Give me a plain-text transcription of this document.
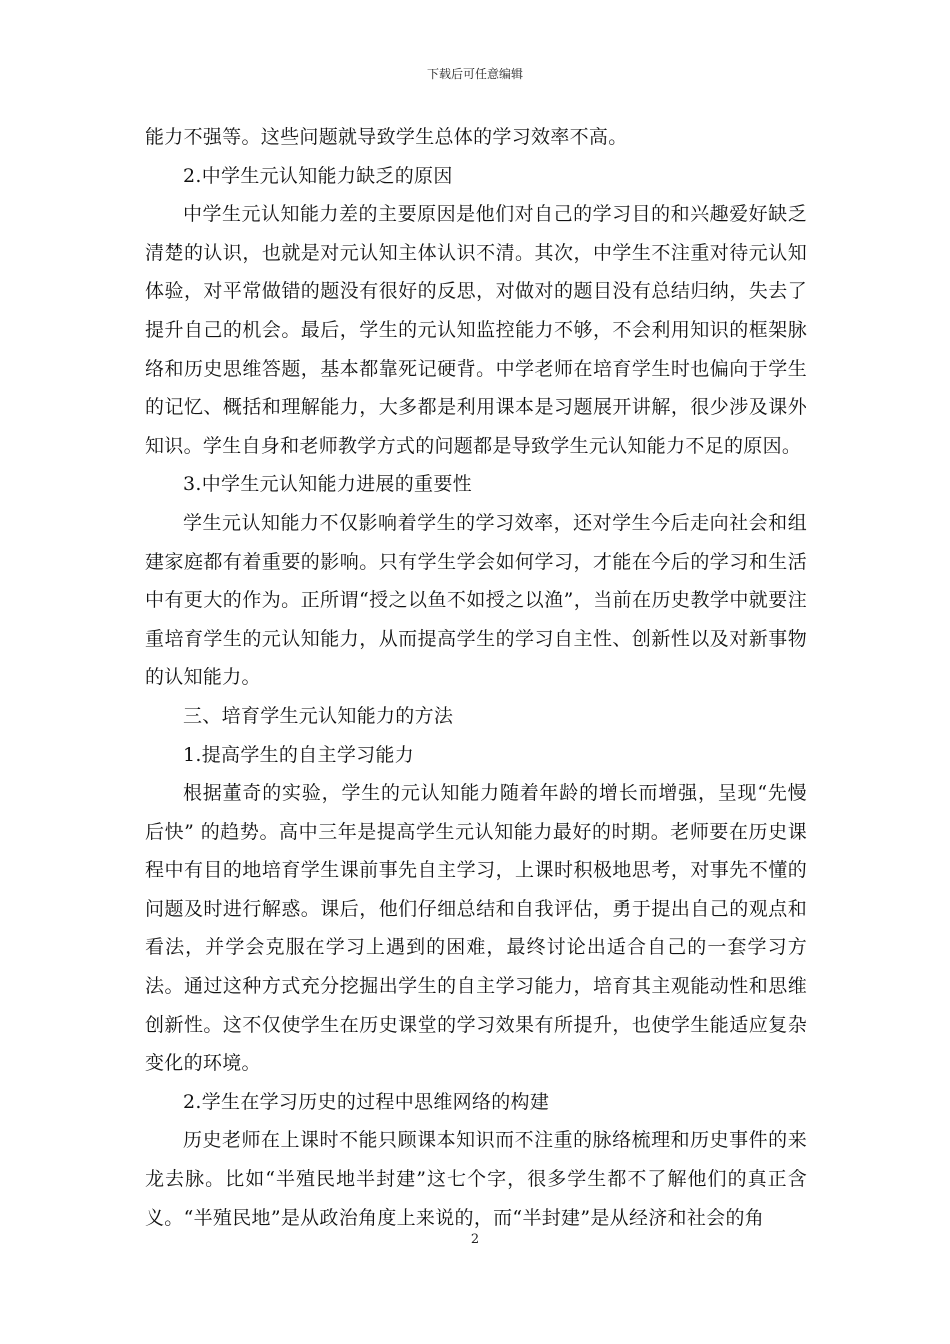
下载后可任意编辑

能力不强等。这些问题就导致学生总体的学习效率不高。

2.中学生元认知能力缺乏的原因

中学生元认知能力差的主要原因是他们对自己的学习目的和兴趣爱好缺乏清楚的认识，也就是对元认知主体认识不清。其次，中学生不注重对待元认知体验，对平常做错的题没有很好的反思，对做对的题目没有总结归纳，失去了提升自己的机会。最后，学生的元认知监控能力不够，不会利用知识的框架脉络和历史思维答题，基本都靠死记硬背。中学老师在培育学生时也偏向于学生的记忆、概括和理解能力，大多都是利用课本是习题展开讲解，很少涉及课外知识。学生自身和老师教学方式的问题都是导致学生元认知能力不足的原因。

3.中学生元认知能力进展的重要性

学生元认知能力不仅影响着学生的学习效率，还对学生今后走向社会和组建家庭都有着重要的影响。只有学生学会如何学习，才能在今后的学习和生活中有更大的作为。正所谓“授之以鱼不如授之以渔”，当前在历史教学中就要注重培育学生的元认知能力，从而提高学生的学习自主性、创新性以及对新事物的认知能力。

三、培育学生元认知能力的方法

1.提高学生的自主学习能力

根据董奇的实验，学生的元认知能力随着年龄的增长而增强，呈现“先慢后快” 的趋势。高中三年是提高学生元认知能力最好的时期。老师要在历史课程中有目的地培育学生课前事先自主学习，上课时积极地思考，对事先不懂的问题及时进行解惑。课后，他们仔细总结和自我评估，勇于提出自己的观点和看法，并学会克服在学习上遇到的困难，最终讨论出适合自己的一套学习方法。通过这种方式充分挖掘出学生的自主学习能力，培育其主观能动性和思维创新性。这不仅使学生在历史课堂的学习效果有所提升，也使学生能适应复杂变化的环境。

2.学生在学习历史的过程中思维网络的构建

历史老师在上课时不能只顾课本知识而不注重的脉络梳理和历史事件的来龙去脉。比如“半殖民地半封建”这七个字，很多学生都不了解他们的真正含义。“半殖民地”是从政治角度上来说的，而“半封建”是从经济和社会的角

2
